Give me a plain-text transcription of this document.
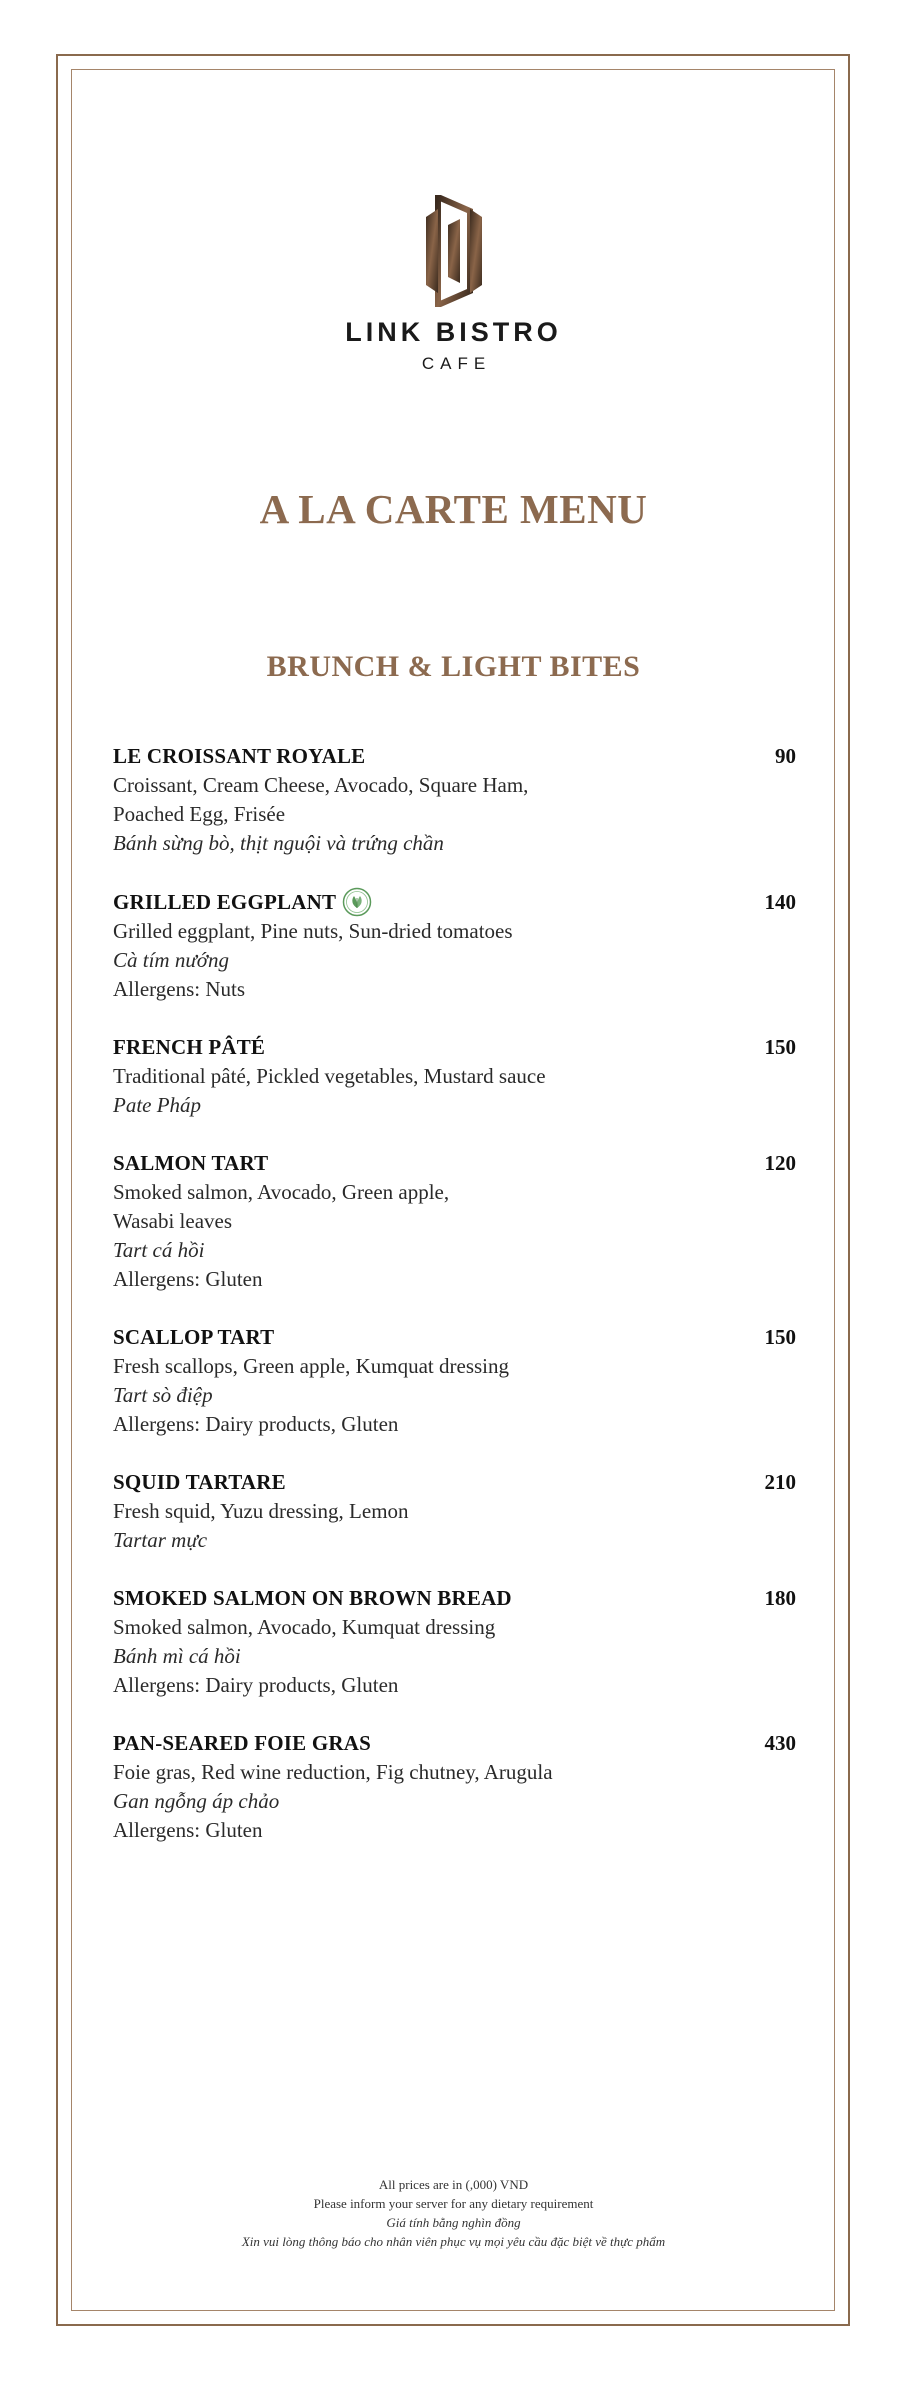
LINK BISTRO
CAFE
A LA CARTE MENU
BRUNCH & LIGHT BITES
LE CROISSANT ROYALE	90
Croissant, Cream Cheese, Avocado, Square Ham,
Poached Egg, Frisée
Bánh sừng bò, thịt nguội và trứng chần
GRILLED EGGPLANT	140
Grilled eggplant, Pine nuts, Sun-dried tomatoes
Cà tím nướng
Allergens: Nuts
FRENCH PÂTÉ	150
Traditional pâté, Pickled vegetables, Mustard sauce
Pate Pháp
SALMON TART	120
Smoked salmon, Avocado, Green apple,
Wasabi leaves
Tart cá hồi
Allergens: Gluten
SCALLOP TART	150
Fresh scallops, Green apple, Kumquat dressing
Tart sò điệp
Allergens: Dairy products, Gluten
SQUID TARTARE	210
Fresh squid, Yuzu dressing, Lemon
Tartar mực
SMOKED SALMON ON BROWN BREAD	180
Smoked salmon, Avocado, Kumquat dressing
Bánh mì cá hồi
Allergens: Dairy products, Gluten
PAN-SEARED FOIE GRAS	430
Foie gras, Red wine reduction, Fig chutney, Arugula
Gan ngỗng áp chảo
Allergens: Gluten
All prices are in (,000) VND
Please inform your server for any dietary requirement
Giá tính bằng nghìn đồng
Xin vui lòng thông báo cho nhân viên phục vụ mọi yêu cầu đặc biệt về thực phẩm
